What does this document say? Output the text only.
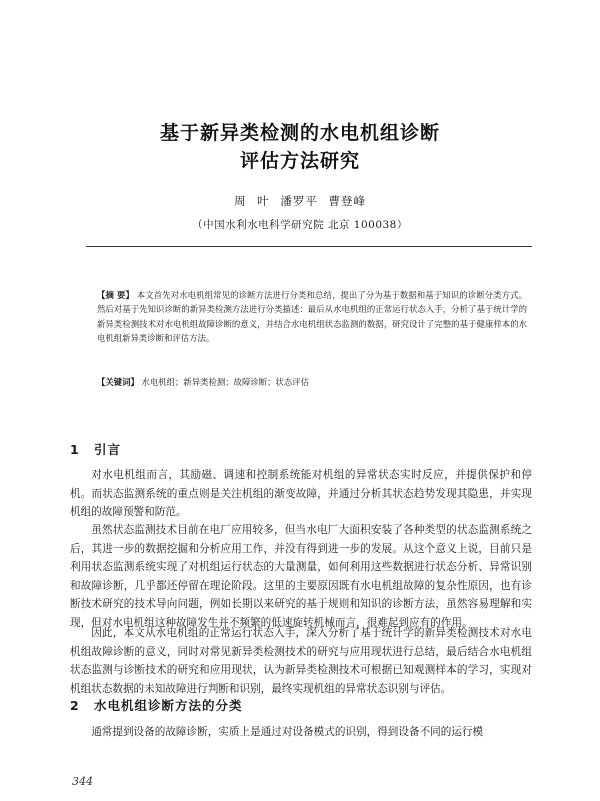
基于新异类检测的水电机组诊断
评估方法研究
周 叶 潘罗平 曹登峰
（中国水利水电科学研究院 北京 100038）
【摘 要】 本文首先对水电机组常见的诊断方法进行分类和总结，提出了分为基于数据和基于知识的诊断分类方式。然后对基于先知识诊断的新异类检测方法进行分类描述：最后从水电机组的正常运行状态入手，分析了基于统计学的新异类检测技术对水电机组故障诊断的意义，并结合水电机组状态监测的数据，研究设计了完整的基于健康样本的水电机组新异类诊断和评估方法。
【关键词】 水电机组；新异类检测；故障诊断；状态评估
1 引言

对水电机组而言，其励磁、调速和控制系统能对机组的异常状态实时反应，并提供保护和停机。而状态监测系统的重点则是关注机组的渐变故障，并通过分析其状态趋势发现其隐患，并实现机组的故障预警和防范。

虽然状态监测技术目前在电厂应用较多，但当水电厂大面积安装了各种类型的状态监测系统之后，其进一步的数据挖掘和分析应用工作，并没有得到进一步的发展。从这个意义上说，目前只是利用状态监测系统实现了对机组运行状态的大量测量，如何利用这些数据进行状态分析、异常识别和故障诊断，几乎都还停留在理论阶段。这里的主要原因既有水电机组故障的复杂性原因，也有诊断技术研究的技术导向问题，例如长期以来研究的基于规则和知识的诊断方法，虽然容易理解和实现，但对水电机组这种故障发生并不频繁的低速旋转机械而言，很难起到应有的作用。

因此，本文从水电机组的正常运行状态入手，深入分析了基于统计学的新异类检测技术对水电机组故障诊断的意义，同时对常见新异类检测技术的研究与应用现状进行总结，最后结合水电机组状态监测与诊断技术的研究和应用现状，认为新异类检测技术可根据已知观测样本的学习，实现对机组状态数据的未知故障进行判断和识别，最终实现机组的异常状态识别与评估。

2 水电机组诊断方法的分类

通常提到设备的故障诊断，实质上是通过对设备模式的识别，得到设备不同的运行模

344
